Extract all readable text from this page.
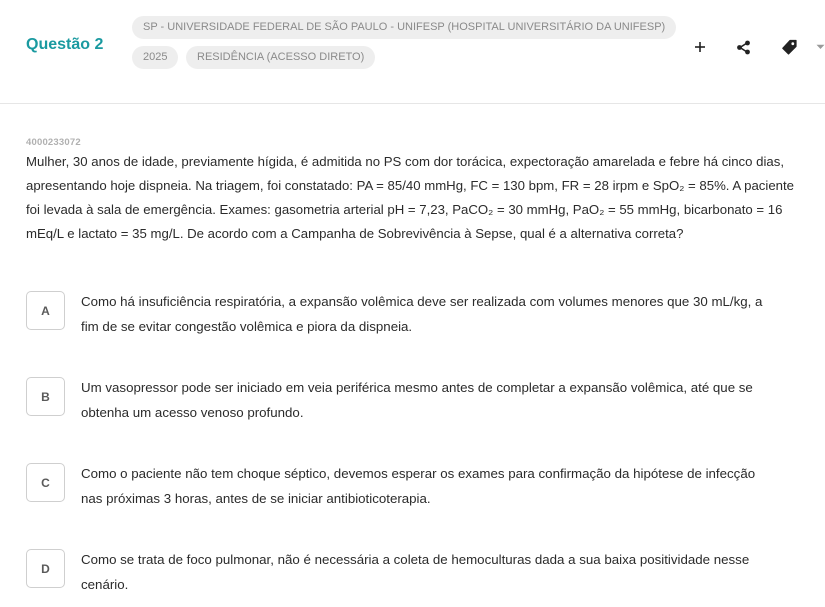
Questão 2
SP - UNIVERSIDADE FEDERAL DE SÃO PAULO - UNIFESP (HOSPITAL UNIVERSITÁRIO DA UNIFESP)
2025	RESIDÊNCIA (ACESSO DIRETO)
4000233072
Mulher, 30 anos de idade, previamente hígida, é admitida no PS com dor torácica, expectoração amarelada e febre há cinco dias,
apresentando hoje dispneia. Na triagem, foi constatado: PA = 85/40 mmHg, FC = 130 bpm, FR = 28 irpm e SpO₂ = 85%. A paciente
foi levada à sala de emergência. Exames: gasometria arterial pH = 7,23, PaCO₂ = 30 mmHg, PaO₂ = 55 mmHg, bicarbonato = 16
mEq/L e lactato = 35 mg/L. De acordo com a Campanha de Sobrevivência à Sepse, qual é a alternativa correta?
A
Como há insuficiência respiratória, a expansão volêmica deve ser realizada com volumes menores que 30 mL/kg, a
fim de se evitar congestão volêmica e piora da dispneia.
B
Um vasopressor pode ser iniciado em veia periférica mesmo antes de completar a expansão volêmica, até que se
obtenha um acesso venoso profundo.
C
Como o paciente não tem choque séptico, devemos esperar os exames para confirmação da hipótese de infecção
nas próximas 3 horas, antes de se iniciar antibioticoterapia.
D
Como se trata de foco pulmonar, não é necessária a coleta de hemoculturas dada a sua baixa positividade nesse
cenário.
